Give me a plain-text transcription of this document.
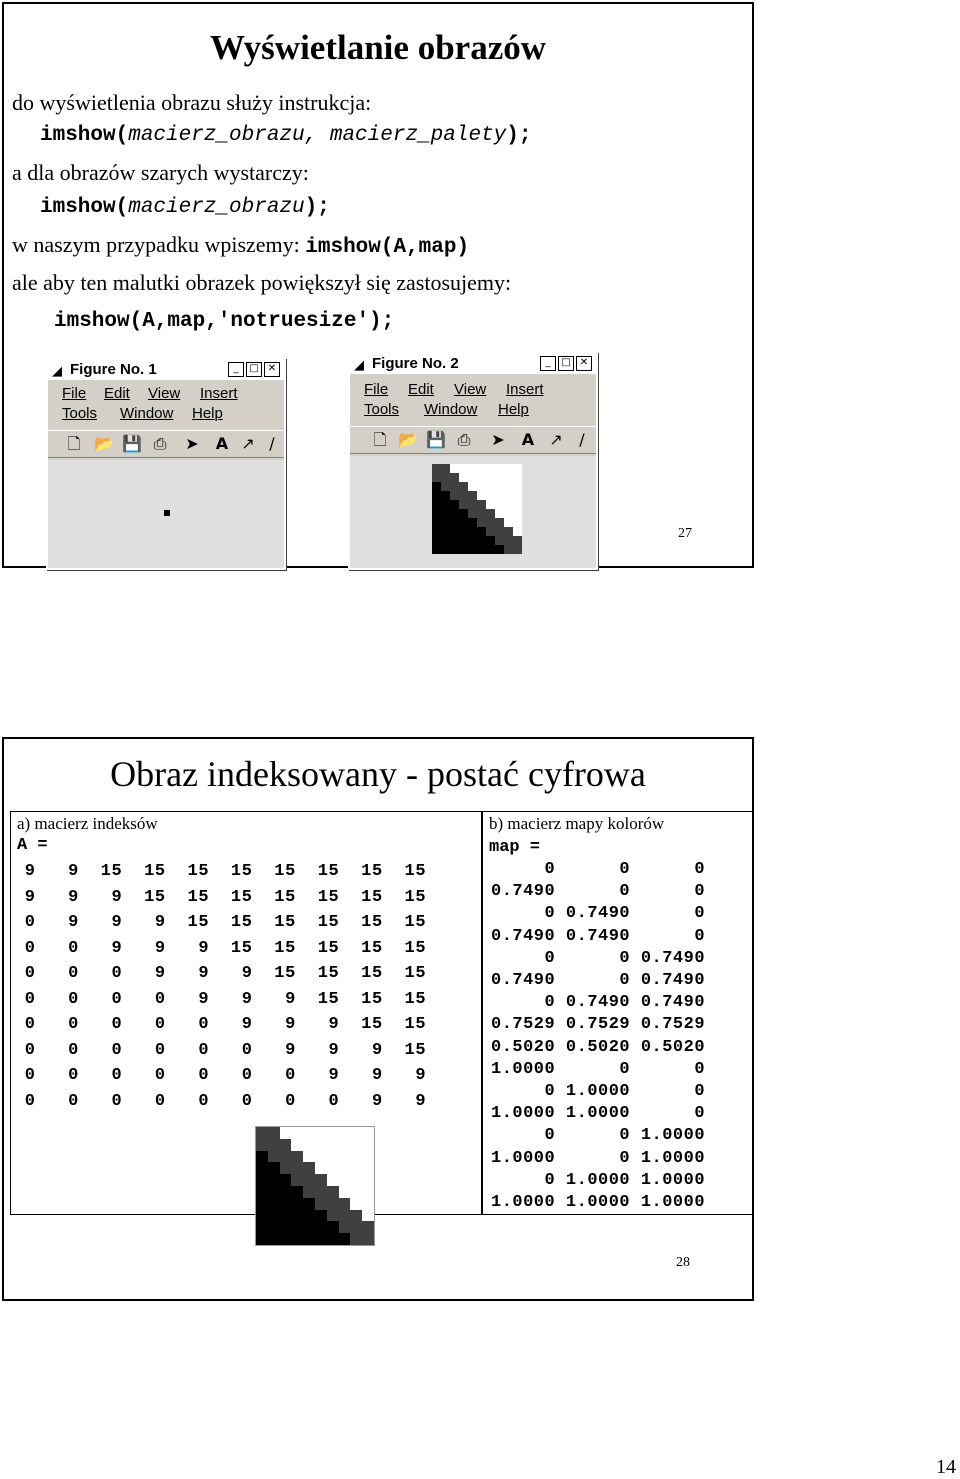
Wyświetlanie obrazów
do wyświetlenia obrazu służy instrukcja:
imshow(macierz_obrazu, macierz_palety);
a dla obrazów szarych wystarczy:
imshow(macierz_obrazu);
w naszym przypadku wpiszemy: imshow(A,map)
ale aby ten malutki obrazek powiększył się zastosujemy:
imshow(A,map,'notruesize');
◢ Figure No. 1	_	□ ✕
File Edit View Insert
Tools Window Help
🗋 📂 💾 ⎙ ➤ A ↗ /
◢ Figure No. 2	_	□ ✕
File Edit View Insert
Tools Window Help
🗋 📂 💾 ⎙ ➤ A ↗	/
27
Obraz indeksowany - postać cyfrowa
a) macierz indeksów
A =
9   9  15  15  15  15  15  15  15  15
9   9   9  15  15  15  15  15  15  15
0   9   9   9  15  15  15  15  15  15
0   0   9   9   9  15  15  15  15  15
0   0   0   9   9   9  15  15  15  15
0   0   0   0   9   9   9  15  15  15
0   0   0   0   0   9   9   9  15  15
0   0   0   0   0   0   9   9   9  15
0   0   0   0   0   0   0   9   9   9
0   0   0   0   0   0   0   0   9   9
b) macierz mapy kolorów
map =
0      0      0
0.7490      0      0
0 0.7490      0
0.7490 0.7490      0
0      0 0.7490
0.7490      0 0.7490
0 0.7490 0.7490
0.7529 0.7529 0.7529
0.5020 0.5020 0.5020
1.0000      0      0
0 1.0000      0
1.0000 1.0000      0
0      0 1.0000
1.0000      0 1.0000
0 1.0000 1.0000
1.0000 1.0000 1.0000
28
14
